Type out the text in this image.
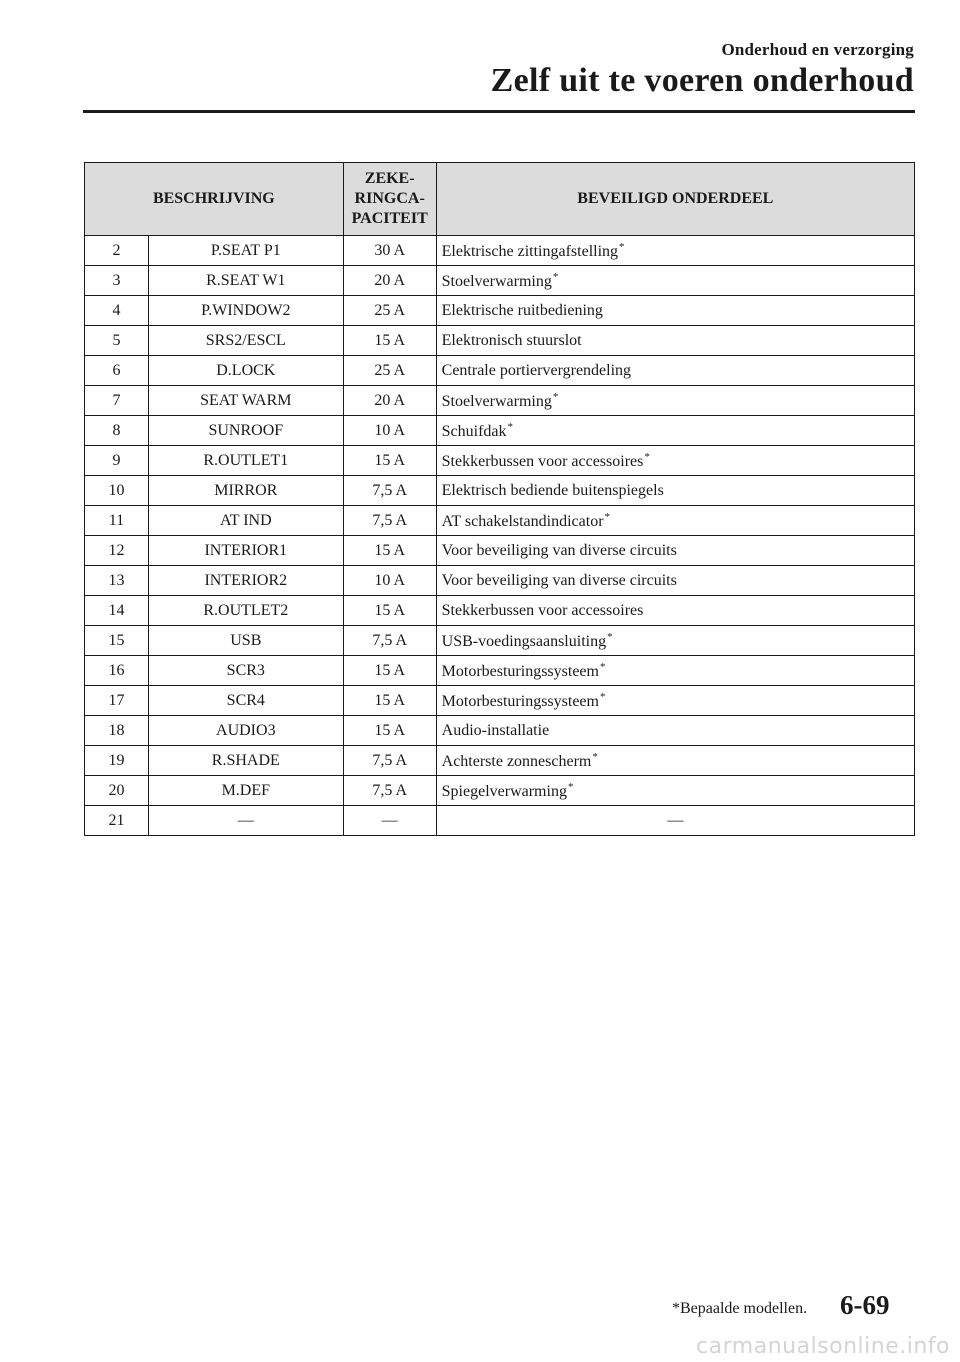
Onderhoud en verzorging
Zelf uit te voeren onderhoud
BESCHRIJVING		ZEKE-
RINGCA-
PACITEIT	BEVEILIGD ONDERDEEL
2	P.SEAT P1	30 A	Elektrische zittingafstelling*
3	R.SEAT W1	20 A	Stoelverwarming*
4	P.WINDOW2	25 A	Elektrische ruitbediening
5	SRS2/ESCL	15 A	Elektronisch stuurslot
6	D.LOCK	25 A	Centrale portiervergrendeling
7	SEAT WARM	20 A	Stoelverwarming*
8	SUNROOF	10 A	Schuifdak*
9	R.OUTLET1	15 A	Stekkerbussen voor accessoires*
10	MIRROR	7,5 A	Elektrisch bediende buitenspiegels
11	AT IND	7,5 A	AT schakelstandindicator*
12	INTERIOR1	15 A	Voor beveiliging van diverse circuits
13	INTERIOR2	10 A	Voor beveiliging van diverse circuits
14	R.OUTLET2	15 A	Stekkerbussen voor accessoires
15	USB	7,5 A	USB-voedingsaansluiting*
16	SCR3	15 A	Motorbesturingssysteem*
17	SCR4	15 A	Motorbesturingssysteem*
18	AUDIO3	15 A	Audio-installatie
19	R.SHADE	7,5 A	Achterste zonnescherm*
20	M.DEF	7,5 A	Spiegelverwarming*
21	—	—	—
*Bepaalde modellen. 6-69
carmanualsonline.info
